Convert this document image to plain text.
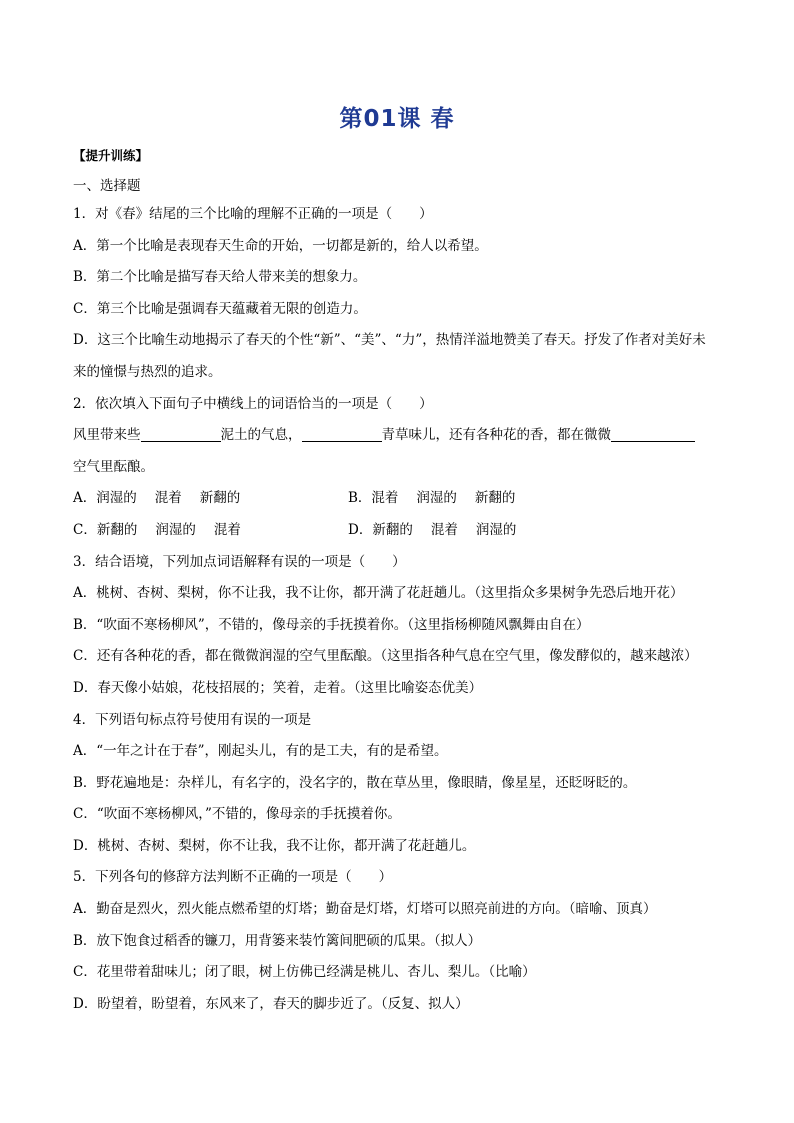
第01课 春
【提升训练】
一、选择题
1．对《春》结尾的三个比喻的理解不正确的一项是（　　）
A．第一个比喻是表现春天生命的开始，一切都是新的，给人以希望。
B．第二个比喻是描写春天给人带来美的想象力。
C．第三个比喻是强调春天蕴藏着无限的创造力。
D．这三个比喻生动地揭示了春天的个性“新”、“美”、“力”，热情洋溢地赞美了春天。抒发了作者对美好未
来的憧憬与热烈的追求。
2．依次填入下面句子中横线上的词语恰当的一项是（　　）
风里带来些	泥土的气息，	青草味儿，还有各种花的香，都在微微
空气里酝酿。
A．润湿的 混着 新翻的	B．混着 润湿的 新翻的
C．新翻的 润湿的 混着	D．新翻的 混着 润湿的
3．结合语境，下列加点词语解释有误的一项是（　　）
A．桃树、杏树、梨树，你不让我，我不让你，都开满了花赶趟儿。（这里指众多果树争先恐后地开花）
B．“吹面不寒杨柳风”，不错的，像母亲的手抚摸着你。（这里指杨柳随风飘舞由自在）
C．还有各种花的香，都在微微润湿的空气里酝酿。（这里指各种气息在空气里，像发酵似的，越来越浓）
D．春天像小姑娘，花枝招展的；笑着，走着。（这里比喻姿态优美）
4．下列语句标点符号使用有误的一项是
A．“一年之计在于春”，刚起头儿，有的是工夫，有的是希望。
B．野花遍地是：杂样儿，有名字的，没名字的，散在草丛里，像眼睛，像星星，还眨呀眨的。
C．“吹面不寒杨柳风，”不错的，像母亲的手抚摸着你。
D．桃树、杏树、梨树，你不让我，我不让你，都开满了花赶趟儿。
5．下列各句的修辞方法判断不正确的一项是（　　）
A．勤奋是烈火，烈火能点燃希望的灯塔；勤奋是灯塔，灯塔可以照亮前进的方向。（暗喻、顶真）
B．放下饱食过稻香的镰刀，用背篓来装竹篱间肥硕的瓜果。（拟人）
C．花里带着甜味儿；闭了眼，树上仿佛已经满是桃儿、杏儿、梨儿。（比喻）
D．盼望着，盼望着，东风来了，春天的脚步近了。（反复、拟人）
